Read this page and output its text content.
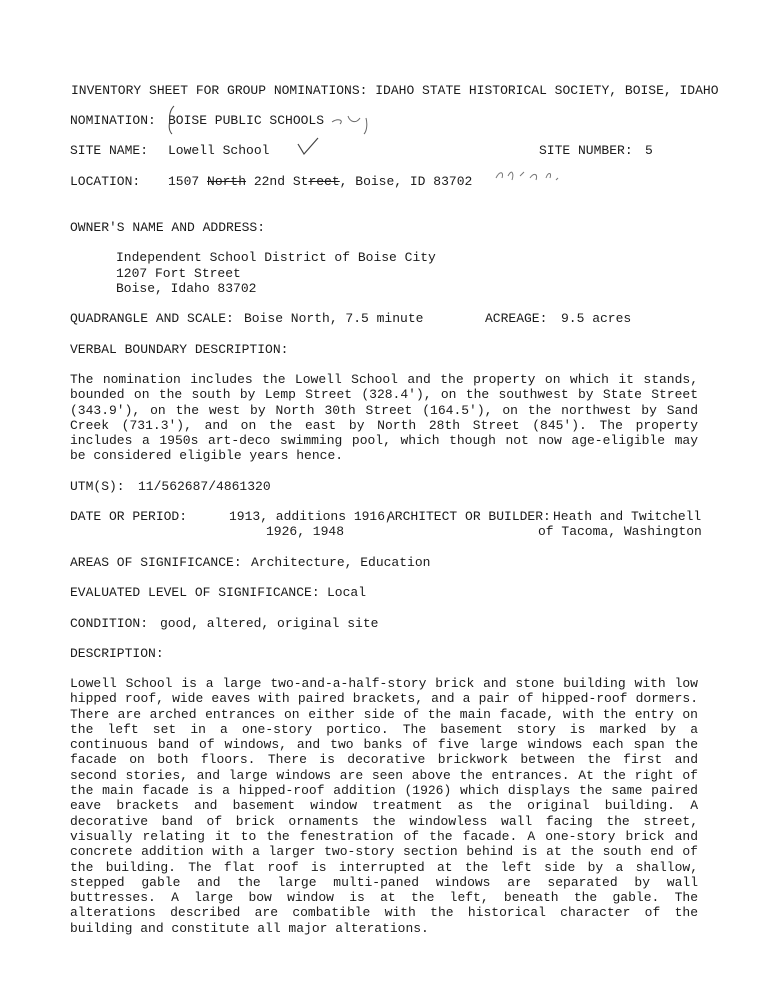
INVENTORY SHEET FOR GROUP NOMINATIONS: IDAHO STATE HISTORICAL SOCIETY, BOISE, IDAHO
NOMINATION: BOISE PUBLIC SCHOOLS
SITE NAME: Lowell School	SITE NUMBER: 5
LOCATION: 1507 North 22nd Street, Boise, ID 83702
OWNER'S NAME AND ADDRESS:
Independent School District of Boise City
1207 Fort Street
Boise, Idaho 83702
QUADRANGLE AND SCALE: Boise North, 7.5 minute	ACREAGE: 9.5 acres
VERBAL BOUNDARY DESCRIPTION:
The nomination includes the Lowell School and the property on which it stands, bounded on the south by Lemp Street (328.4'), on the southwest by State Street (343.9'), on the west by North 30th Street (164.5'), on the northwest by Sand Creek (731.3'), and on the east by North 28th Street (845'). The property includes a 1950s art-deco swimming pool, which though not now age-eligible may be considered eligible years hence.
UTM(S): 11/562687/4861320
DATE OR PERIOD:	1913, additions 1916,
1926, 1948
ARCHITECT OR BUILDER: Heath and Twitchell
of Tacoma, Washington
AREAS OF SIGNIFICANCE: Architecture, Education
EVALUATED LEVEL OF SIGNIFICANCE: Local
CONDITION: good, altered, original site
DESCRIPTION:
Lowell School is a large two-and-a-half-story brick and stone building with low hipped roof, wide eaves with paired brackets, and a pair of hipped-roof dormers. There are arched entrances on either side of the main facade, with the entry on the left set in a one-story portico. The basement story is marked by a continuous band of windows, and two banks of five large windows each span the facade on both floors. There is decorative brickwork between the first and second stories, and large windows are seen above the entrances. At the right of the main facade is a hipped-roof addition (1926) which displays the same paired eave brackets and basement window treatment as the original building. A decorative band of brick ornaments the windowless wall facing the street, visually relating it to the fenestration of the facade. A one-story brick and concrete addition with a larger two-story section behind is at the south end of the building. The flat roof is interrupted at the left side by a shallow, stepped gable and the large multi-paned windows are separated by wall buttresses. A large bow window is at the left, beneath the gable. The alterations described are combatible with the historical character of the building and constitute all major alterations.
